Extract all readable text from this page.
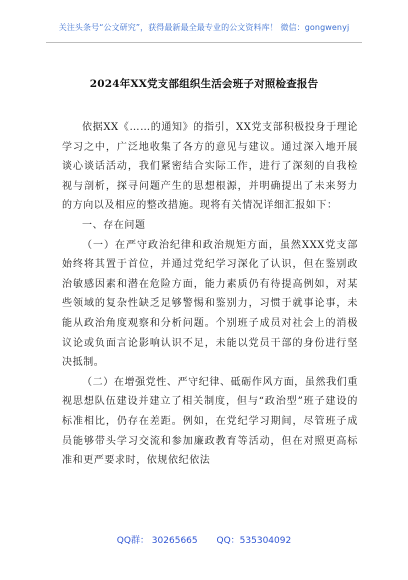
关注头条号“公文研究”，获得最新最全最专业的公文资料库！ 微信：gongwenyj
2024年XX党支部组织生活会班子对照检查报告

依据XX《……的通知》的指引，XX党支部积极投身于理论学习之中，广泛地收集了各方的意见与建议。通过深入地开展谈心谈话活动，我们紧密结合实际工作，进行了深刻的自我检视与剖析，探寻问题产生的思想根源，并明确提出了未来努力的方向以及相应的整改措施。现将有关情况详细汇报如下：

一、存在问题

（一）在严守政治纪律和政治规矩方面，虽然XXX党支部始终将其置于首位，并通过党纪学习深化了认识，但在鉴别政治敏感因素和潜在危险方面，能力素质仍有待提高例如，对某些领域的复杂性缺乏足够警惕和鉴别力，习惯于就事论事，未能从政治角度观察和分析问题。个别班子成员对社会上的消极议论或负面言论影响认识不足，未能以党员干部的身份进行坚决抵制。

（二）在增强党性、严守纪律、砥砺作风方面，虽然我们重视思想队伍建设并建立了相关制度，但与“政治型”班子建设的标准相比，仍存在差距。例如，在党纪学习期间，尽管班子成员能够带头学习交流和参加廉政教育等活动，但在对照更高标准和更严要求时，依规依纪依法

QQ群： 30265665 QQ：535304092
